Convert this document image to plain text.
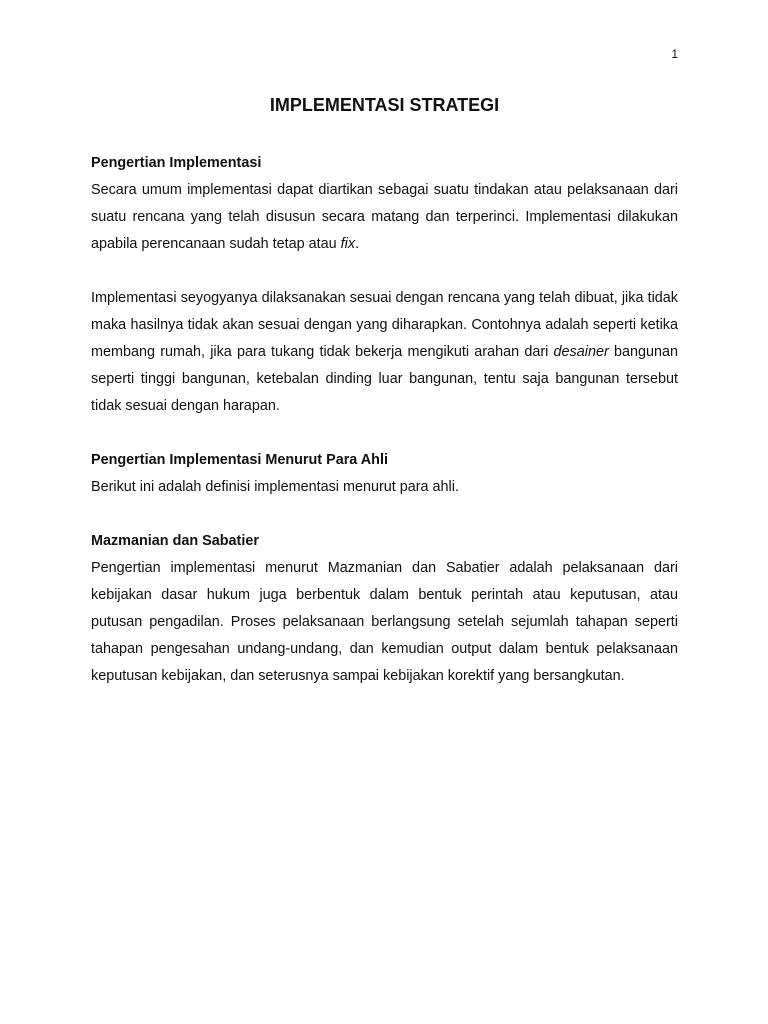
1
IMPLEMENTASI STRATEGI
Pengertian Implementasi

Secara umum implementasi dapat diartikan sebagai suatu tindakan atau pelaksanaan dari suatu rencana yang telah disusun secara matang dan terperinci. Implementasi dilakukan apabila perencanaan sudah tetap atau fix.

Implementasi seyogyanya dilaksanakan sesuai dengan rencana yang telah dibuat, jika tidak maka hasilnya tidak akan sesuai dengan yang diharapkan. Contohnya adalah seperti ketika membang rumah, jika para tukang tidak bekerja mengikuti arahan dari desainer bangunan seperti tinggi bangunan, ketebalan dinding luar bangunan, tentu saja bangunan tersebut tidak sesuai dengan harapan.

Pengertian Implementasi Menurut Para Ahli

Berikut ini adalah definisi implementasi menurut para ahli.

Mazmanian dan Sabatier

Pengertian implementasi menurut Mazmanian dan Sabatier adalah pelaksanaan dari kebijakan dasar hukum juga berbentuk dalam bentuk perintah atau keputusan, atau putusan pengadilan. Proses pelaksanaan berlangsung setelah sejumlah tahapan seperti tahapan pengesahan undang-undang, dan kemudian output dalam bentuk pelaksanaan keputusan kebijakan, dan seterusnya sampai kebijakan korektif yang bersangkutan.
